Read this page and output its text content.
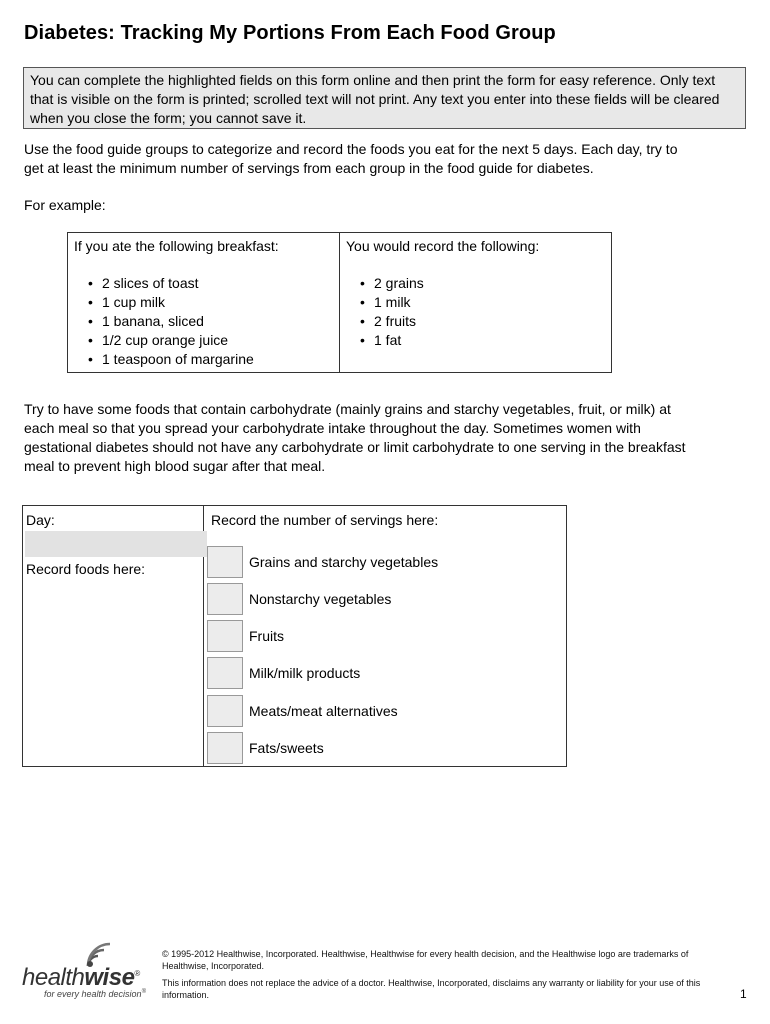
Diabetes: Tracking My Portions From Each Food Group
You can complete the highlighted fields on this form online and then print the form for easy reference. Only text that is visible on the form is printed; scrolled text will not print. Any text you enter into these fields will be cleared when you close the form; you cannot save it.
Use the food guide groups to categorize and record the foods you eat for the next 5 days. Each day, try to
get at least the minimum number of servings from each group in the food guide for diabetes.
For example:
If you ate the following breakfast:
• 2 slices of toast
• 1 cup milk
• 1 banana, sliced
• 1/2 cup orange juice
• 1 teaspoon of margarine
You would record the following:
• 2 grains
• 1 milk
• 2 fruits
• 1 fat
Try to have some foods that contain carbohydrate (mainly grains and starchy vegetables, fruit, or milk) at
each meal so that you spread your carbohydrate intake throughout the day. Sometimes women with
gestational diabetes should not have any carbohydrate or limit carbohydrate to one serving in the breakfast
meal to prevent high blood sugar after that meal.
Day:
Record foods here:
Record the number of servings here:
Grains and starchy vegetables
Nonstarchy vegetables
Fruits
Milk/milk products
Meats/meat alternatives
Fats/sweets
healthwise®
for every health decision®

© 1995-2012 Healthwise, Incorporated. Healthwise, Healthwise for every health decision, and the Healthwise logo are trademarks of
Healthwise, Incorporated.

This information does not replace the advice of a doctor. Healthwise, Incorporated, disclaims any warranty or liability for your use of this
information.	1
